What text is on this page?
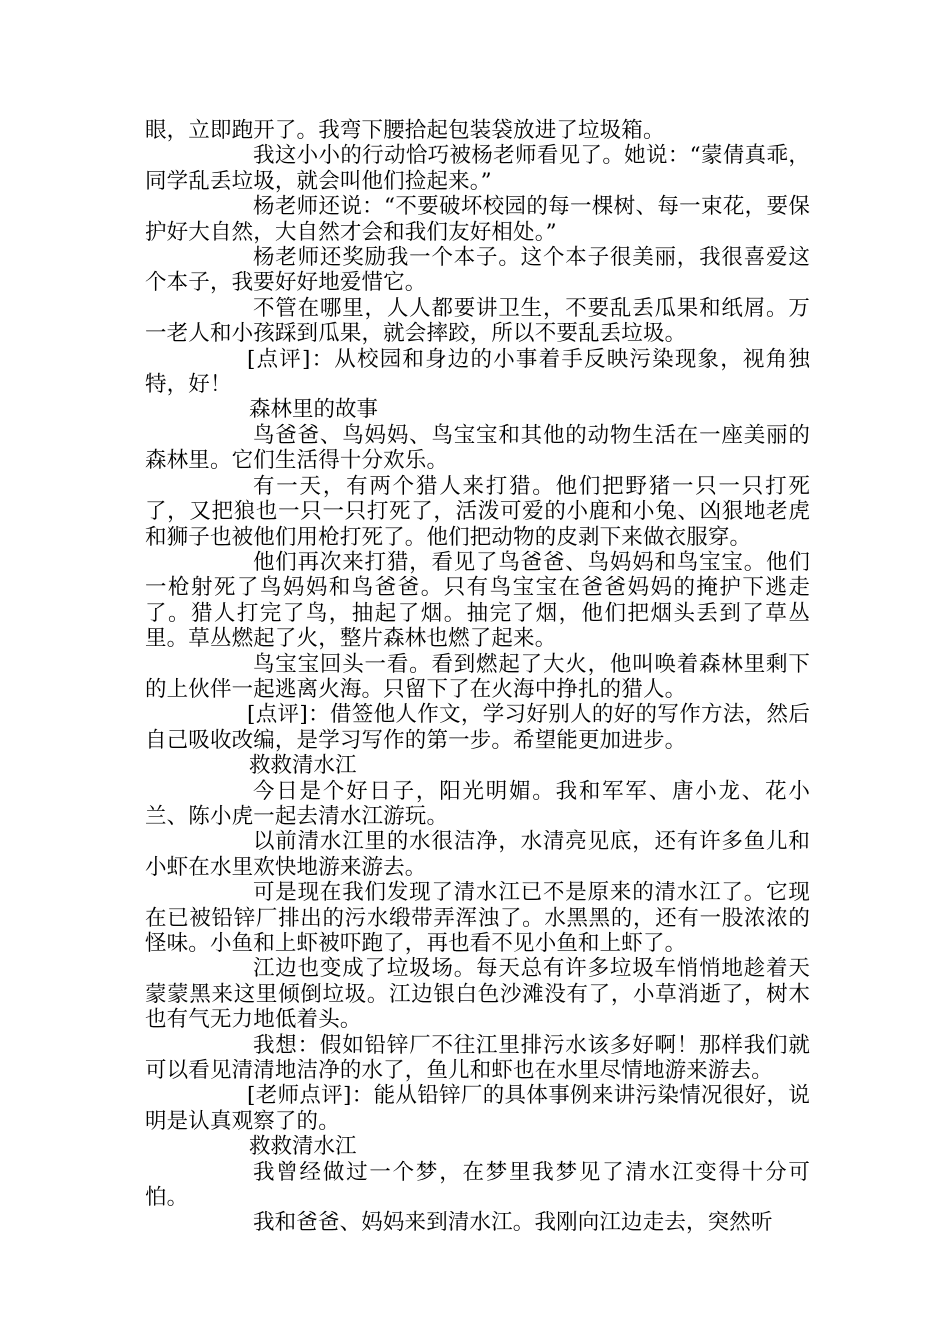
眼，立即跑开了。我弯下腰拾起包装袋放进了垃圾箱。

我这小小的行动恰巧被杨老师看见了。她说：“蒙倩真乖，同学乱丢垃圾，就会叫他们捡起来。”

杨老师还说：“不要破坏校园的每一棵树、每一束花，要保护好大自然，大自然才会和我们友好相处。”

杨老师还奖励我一个本子。这个本子很美丽，我很喜爱这个本子，我要好好地爱惜它。

不管在哪里，人人都要讲卫生，不要乱丢瓜果和纸屑。万一老人和小孩踩到瓜果，就会摔跤，所以不要乱丢垃圾。

[点评]：从校园和身边的小事着手反映污染现象，视角独特，好！

森林里的故事

鸟爸爸、鸟妈妈、鸟宝宝和其他的动物生活在一座美丽的森林里。它们生活得十分欢乐。

有一天，有两个猎人来打猎。他们把野猪一只一只打死了，又把狼也一只一只打死了，活泼可爱的小鹿和小兔、凶狠地老虎和狮子也被他们用枪打死了。他们把动物的皮剥下来做衣服穿。

他们再次来打猎，看见了鸟爸爸、鸟妈妈和鸟宝宝。他们一枪射死了鸟妈妈和鸟爸爸。只有鸟宝宝在爸爸妈妈的掩护下逃走了。猎人打完了鸟，抽起了烟。抽完了烟，他们把烟头丢到了草丛里。草丛燃起了火，整片森林也燃了起来。

鸟宝宝回头一看。看到燃起了大火，他叫唤着森林里剩下的上伙伴一起逃离火海。只留下了在火海中挣扎的猎人。

[点评]：借签他人作文，学习好别人的好的写作方法，然后自己吸收改编，是学习写作的第一步。希望能更加进步。

救救清水江

今日是个好日子，阳光明媚。我和军军、唐小龙、花小兰、陈小虎一起去清水江游玩。

以前清水江里的水很洁净，水清亮见底，还有许多鱼儿和小虾在水里欢快地游来游去。

可是现在我们发现了清水江已不是原来的清水江了。它现在已被铅锌厂排出的污水缎带弄浑浊了。水黑黑的，还有一股浓浓的怪味。小鱼和上虾被吓跑了，再也看不见小鱼和上虾了。

江边也变成了垃圾场。每天总有许多垃圾车悄悄地趁着天蒙蒙黑来这里倾倒垃圾。江边银白色沙滩没有了，小草消逝了，树木也有气无力地低着头。

我想：假如铅锌厂不往江里排污水该多好啊！那样我们就可以看见清清地洁净的水了，鱼儿和虾也在水里尽情地游来游去。

[老师点评]：能从铅锌厂的具体事例来讲污染情况很好，说明是认真观察了的。

救救清水江

我曾经做过一个梦，在梦里我梦见了清水江变得十分可怕。

我和爸爸、妈妈来到清水江。我刚向江边走去，突然听
